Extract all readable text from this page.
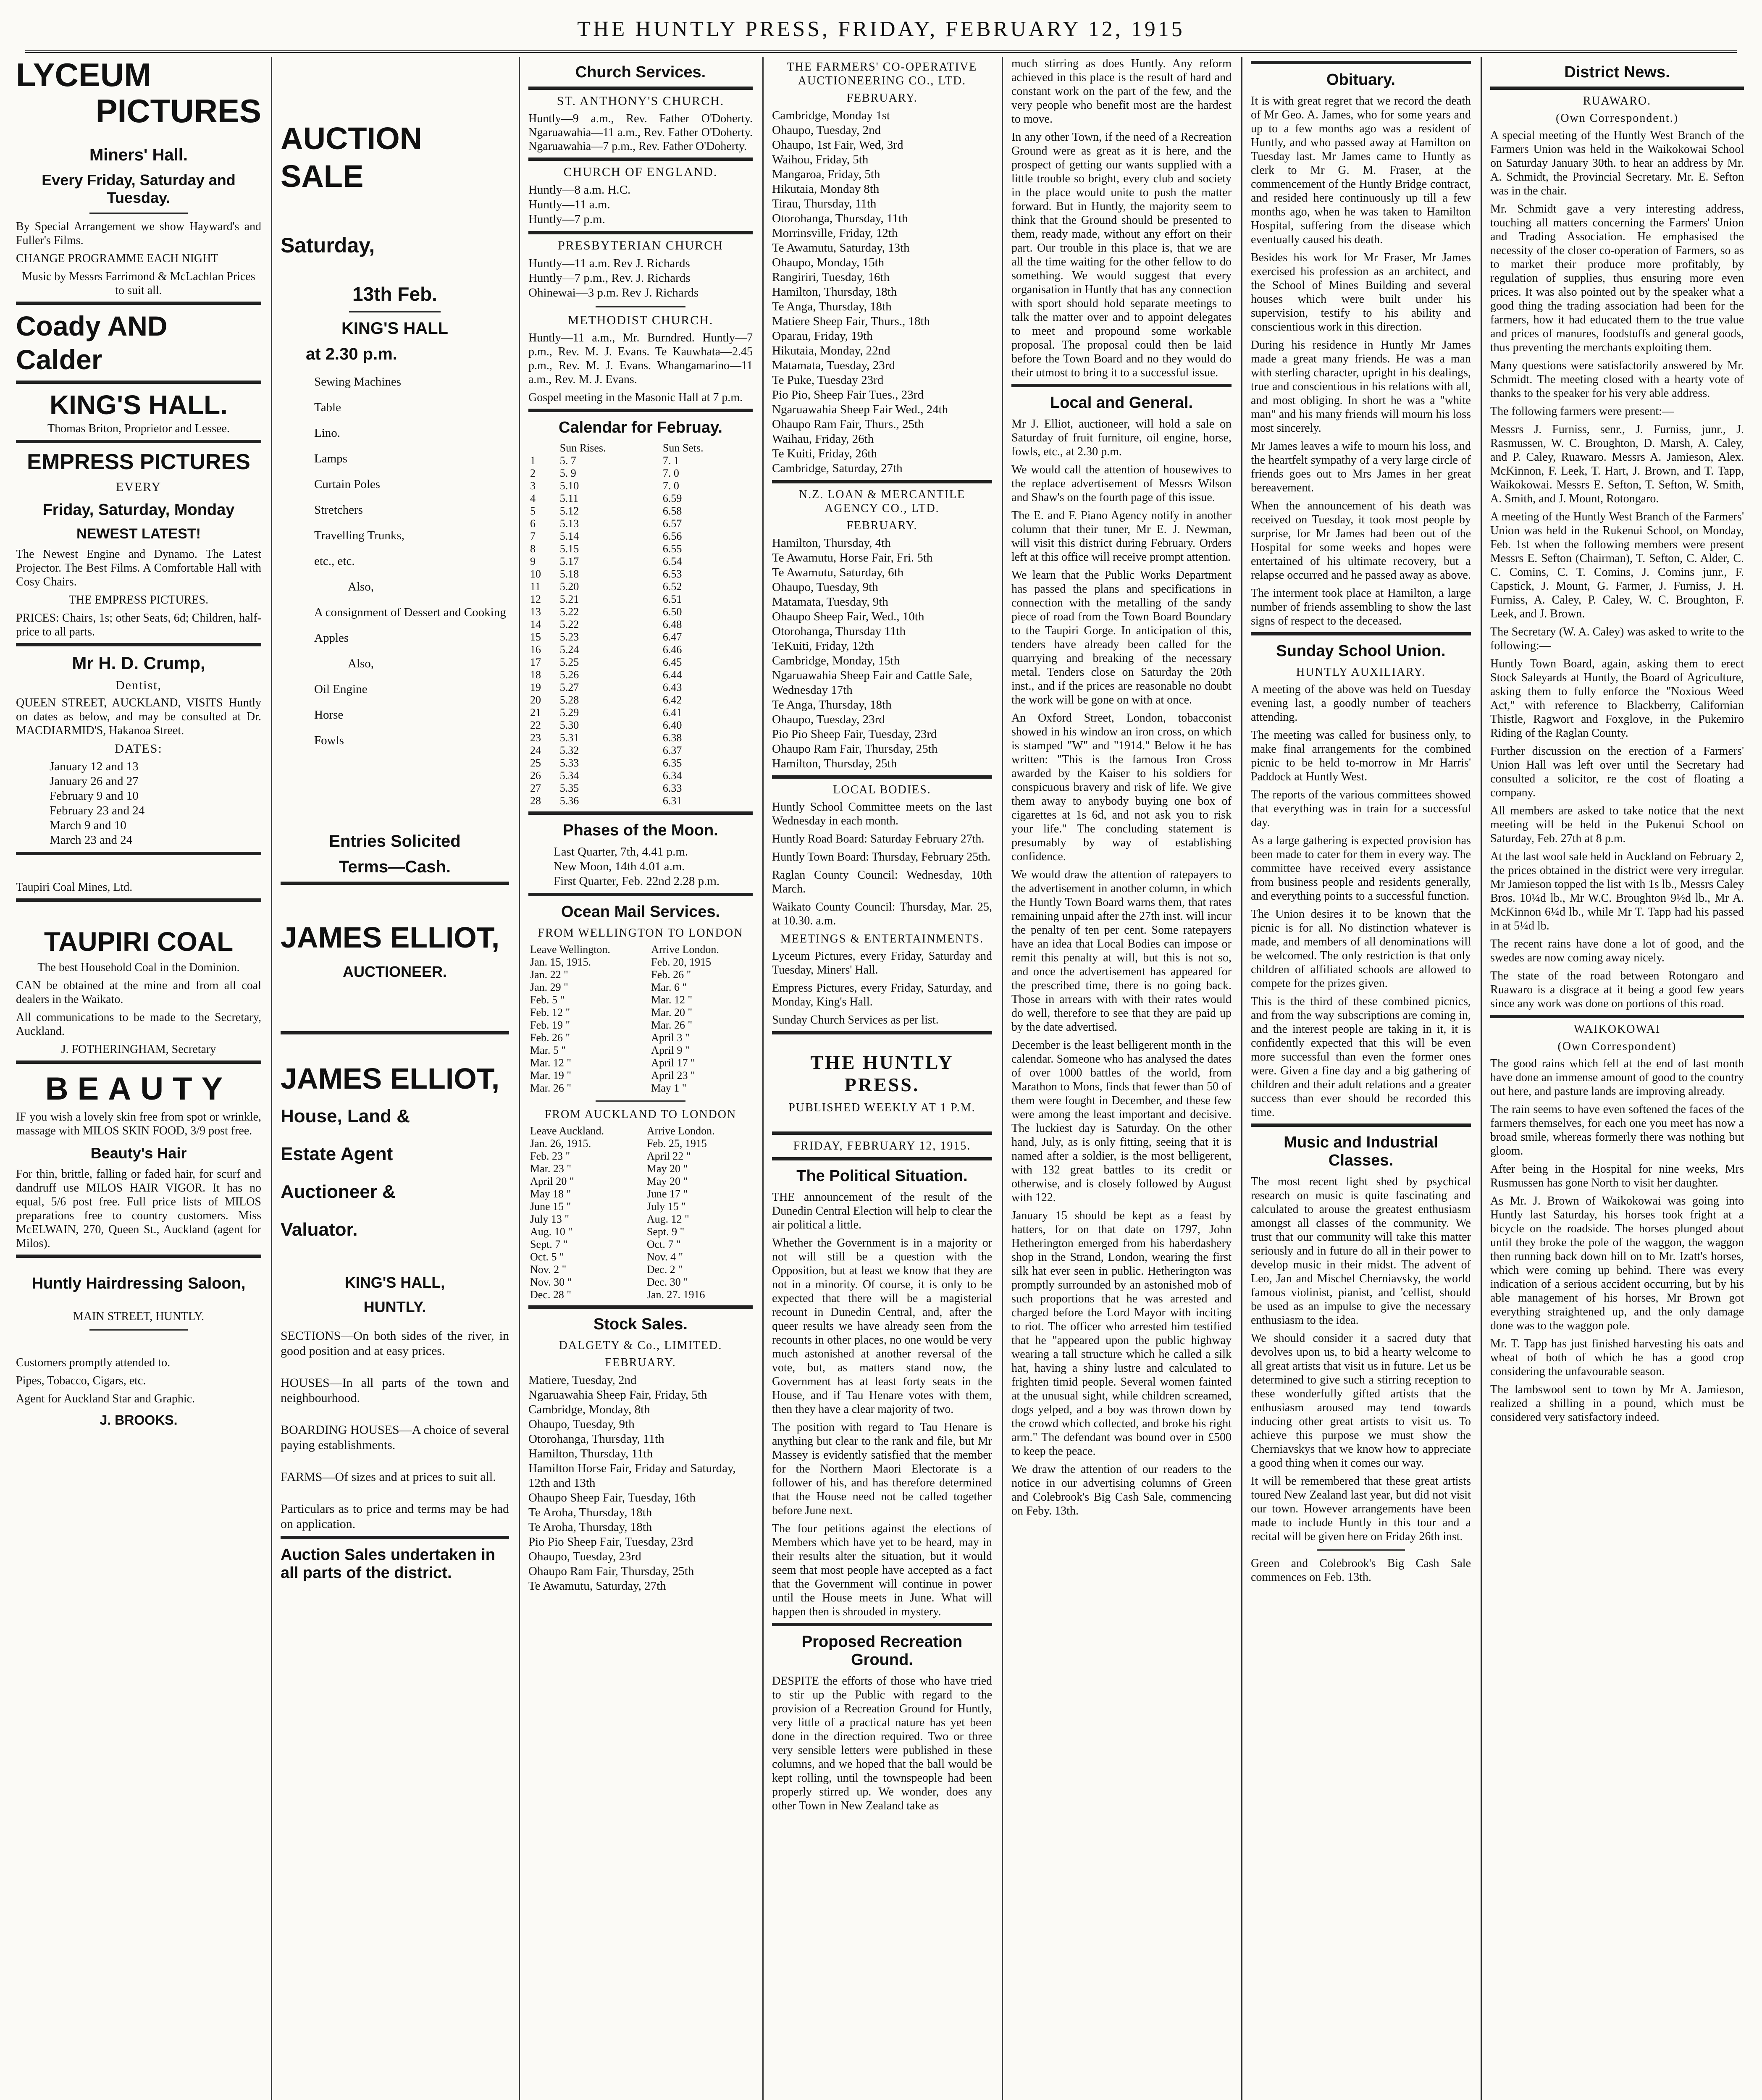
THE HUNTLY PRESS, FRIDAY, FEBRUARY 12, 1915
LYCEUM
PICTURES
Miners' Hall.
Every Friday, Saturday and Tuesday.

By Special Arrangement we show Hayward's and Fuller's Films.

CHANGE PROGRAMME EACH NIGHT

Music by Messrs Farrimond & McLachlan Prices to suit all.

Coady AND Calder
KING'S HALL.

Thomas Briton, Proprietor and Lessee.

EMPRESS PICTURES
EVERY
Friday, Saturday, Monday
NEWEST LATEST!

The Newest Engine and Dynamo. The Latest Projector. The Best Films. A Comfortable Hall with Cosy Chairs.

THE EMPRESS PICTURES.

PRICES: Chairs, 1s; other Seats, 6d; Children, half-price to all parts.

Mr H. D. Crump,
Dentist,

QUEEN STREET, AUCKLAND, VISITS Huntly on dates as below, and may be consulted at Dr. MACDIARMID'S, Hakanoa Street.

DATES:
January 12 and 13
January 26 and 27
February 9 and 10
February 23 and 24
March 9 and 10
March 23 and 24

Taupiri Coal Mines, Ltd.

TAUPIRI COAL

The best Household Coal in the Dominion.

CAN be obtained at the mine and from all coal dealers in the Waikato.

All communications to be made to the Secretary, Auckland.

J. FOTHERINGHAM, Secretary

BEAUTY

IF you wish a lovely skin free from spot or wrinkle, massage with MILOS SKIN FOOD, 3/9 post free.

Beauty's Hair

For thin, brittle, falling or faded hair, for scurf and dandruff use MILOS HAIR VIGOR. It has no equal, 5/6 post free. Full price lists of MILOS preparations free to country customers. Miss McELWAIN, 270, Queen St., Auckland (agent for Milos).

Huntly Hairdressing Saloon,

MAIN STREET, HUNTLY.

Customers promptly attended to.

Pipes, Tobacco, Cigars, etc.

Agent for Auckland Star and Graphic.

J. BROOKS.
AUCTION SALE
Saturday,
13th Feb.
KING'S HALL
at 2.30 p.m.
Sewing Machines
Table
Lino.
Lamps
Curtain Poles
Stretchers
Travelling Trunks,
etc., etc.
Also,
A consignment of Dessert and Cooking
Apples
Also,
Oil Engine
Horse
Fowls
Entries Solicited
Terms—Cash.
JAMES ELLIOT,
AUCTIONEER.
JAMES ELLIOT,
House, Land &
Estate Agent
Auctioneer &
Valuator.
KING'S HALL,
HUNTLY.

SECTIONS—On both sides of the river, in good position and at easy prices.

HOUSES—In all parts of the town and neighbourhood.

BOARDING HOUSES—A choice of several paying establishments.

FARMS—Of sizes and at prices to suit all.

Particulars as to price and terms may be had on application.

Auction Sales undertaken in all parts of the district.
Church Services.
ST. ANTHONY'S CHURCH.

Huntly—9 a.m., Rev. Father O'Doherty. Ngaruawahia—11 a.m., Rev. Father O'Doherty. Ngaruawahia—7 p.m., Rev. Father O'Doherty.

CHURCH OF ENGLAND.
Huntly—8 a.m. H.C.
Huntly—11 a.m.
Huntly—7 p.m.
PRESBYTERIAN CHURCH
Huntly—11 a.m. Rev J. Richards
Huntly—7 p.m., Rev. J. Richards
Ohinewai—3 p.m. Rev J. Richards
METHODIST CHURCH.

Huntly—11 a.m., Mr. Burndred. Huntly—7 p.m., Rev. M. J. Evans. Te Kauwhata—2.45 p.m., Rev. M. J. Evans. Whangamarino—11 a.m., Rev. M. J. Evans.

Gospel meeting in the Masonic Hall at 7 p.m.

Calendar for Februay.
	Sun Rises.	Sun Sets.
1	5. 7	7. 1
2	5. 9	7. 0
3	5.10	7. 0
4	5.11	6.59
5	5.12	6.58
6	5.13	6.57
7	5.14	6.56
8	5.15	6.55
9	5.17	6.54
10	5.18	6.53
11	5.20	6.52
12	5.21	6.51
13	5.22	6.50
14	5.22	6.48
15	5.23	6.47
16	5.24	6.46
17	5.25	6.45
18	5.26	6.44
19	5.27	6.43
20	5.28	6.42
21	5.29	6.41
22	5.30	6.40
23	5.31	6.38
24	5.32	6.37
25	5.33	6.35
26	5.34	6.34
27	5.35	6.33
28	5.36	6.31
Phases of the Moon.
Last Quarter, 7th, 4.41 p.m.
New Moon, 14th 4.01 a.m.
First Quarter, Feb. 22nd 2.28 p.m.
Ocean Mail Services.
FROM WELLINGTON TO LONDON
Leave Wellington.	Arrive London.
Jan. 15, 1915.	Feb. 20, 1915
Jan. 22 "	Feb. 26 "
Jan. 29 "	Mar. 6 "
Feb. 5 "	Mar. 12 "
Feb. 12 "	Mar. 20 "
Feb. 19 "	Mar. 26 "
Feb. 26 "	April 3 "
Mar. 5 "	April 9 "
Mar. 12 "	April 17 "
Mar. 19 "	April 23 "
Mar. 26 "	May 1 "
FROM AUCKLAND TO LONDON
Leave Auckland.	Arrive London.
Jan. 26, 1915.	Feb. 25, 1915
Feb. 23 "	April 22 "
Mar. 23 "	May 20 "
April 20 "	May 20 "
May 18 "	June 17 "
June 15 "	July 15 "
July 13 "	Aug. 12 "
Aug. 10 "	Sept. 9 "
Sept. 7 "	Oct. 7 "
Oct. 5 "	Nov. 4 "
Nov. 2 "	Dec. 2 "
Nov. 30 "	Dec. 30 "
Dec. 28 "	Jan. 27. 1916
Stock Sales.
DALGETY & Co., LIMITED.
FEBRUARY.
Matiere, Tuesday, 2nd
Ngaruawahia Sheep Fair, Friday, 5th
Cambridge, Monday, 8th
Ohaupo, Tuesday, 9th
Otorohanga, Thursday, 11th
Hamilton, Thursday, 11th
Hamilton Horse Fair, Friday and Saturday, 12th and 13th
Ohaupo Sheep Fair, Tuesday, 16th
Te Aroha, Thursday, 18th
Te Aroha, Thursday, 18th
Pio Pio Sheep Fair, Tuesday, 23rd
Ohaupo, Tuesday, 23rd
Ohaupo Ram Fair, Thursday, 25th
Te Awamutu, Saturday, 27th
THE FARMERS' CO-OPERATIVE AUCTIONEERING CO., LTD.
FEBRUARY.
Cambridge, Monday 1st
Ohaupo, Tuesday, 2nd
Ohaupo, 1st Fair, Wed, 3rd
Waihou, Friday, 5th
Mangaroa, Friday, 5th
Hikutaia, Monday 8th
Tirau, Thursday, 11th
Otorohanga, Thursday, 11th
Morrinsville, Friday, 12th
Te Awamutu, Saturday, 13th
Ohaupo, Monday, 15th
Rangiriri, Tuesday, 16th
Hamilton, Thursday, 18th
Te Anga, Thursday, 18th
Matiere Sheep Fair, Thurs., 18th
Oparau, Friday, 19th
Hikutaia, Monday, 22nd
Matamata, Tuesday, 23rd
Te Puke, Tuesday 23rd
Pio Pio, Sheep Fair Tues., 23rd
Ngaruawahia Sheep Fair Wed., 24th
Ohaupo Ram Fair, Thurs., 25th
Waihau, Friday, 26th
Te Kuiti, Friday, 26th
Cambridge, Saturday, 27th
N.Z. LOAN & MERCANTILE AGENCY CO., LTD.
FEBRUARY.
Hamilton, Thursday, 4th
Te Awamutu, Horse Fair, Fri. 5th
Te Awamutu, Saturday, 6th
Ohaupo, Tuesday, 9th
Matamata, Tuesday, 9th
Ohaupo Sheep Fair, Wed., 10th
Otorohanga, Thursday 11th
TeKuiti, Friday, 12th
Cambridge, Monday, 15th
Ngaruawahia Sheep Fair and Cattle Sale, Wednesday 17th
Te Anga, Thursday, 18th
Ohaupo, Tuesday, 23rd
Pio Pio Sheep Fair, Tuesday, 23rd
Ohaupo Ram Fair, Thursday, 25th
Hamilton, Thursday, 25th
LOCAL BODIES.

Huntly School Committee meets on the last Wednesday in each month.

Huntly Road Board: Saturday February 27th.

Huntly Town Board: Thursday, February 25th.

Raglan County Council: Wednesday, 10th March.

Waikato County Council: Thursday, Mar. 25, at 10.30. a.m.

MEETINGS & ENTERTAINMENTS.

Lyceum Pictures, every Friday, Saturday and Tuesday, Miners' Hall.

Empress Pictures, every Friday, Saturday, and Monday, King's Hall.

Sunday Church Services as per list.

THE HUNTLY PRESS.
PUBLISHED WEEKLY AT 1 P.M.
FRIDAY, FEBRUARY 12, 1915.
The Political Situation.

THE announcement of the result of the Dunedin Central Election will help to clear the air political a little.

Whether the Government is in a majority or not will still be a question with the Opposition, but at least we know that they are not in a minority. Of course, it is only to be expected that there will be a magisterial recount in Dunedin Central, and, after the queer results we have already seen from the recounts in other places, no one would be very much astonished at another reversal of the vote, but, as matters stand now, the Government has at least forty seats in the House, and if Tau Henare votes with them, then they have a clear majority of two.

The position with regard to Tau Henare is anything but clear to the rank and file, but Mr Massey is evidently satisfied that the member for the Northern Maori Electorate is a follower of his, and has therefore determined that the House need not be called together before June next.

The four petitions against the elections of Members which have yet to be heard, may in their results alter the situation, but it would seem that most people have accepted as a fact that the Government will continue in power until the House meets in June. What will happen then is shrouded in mystery.

Proposed Recreation Ground.

DESPITE the efforts of those who have tried to stir up the Public with regard to the provision of a Recreation Ground for Huntly, very little of a practical nature has yet been done in the direction required. Two or three very sensible letters were published in these columns, and we hoped that the ball would be kept rolling, until the townspeople had been properly stirred up. We wonder, does any other Town in New Zealand take as

much stirring as does Huntly. Any reform achieved in this place is the result of hard and constant work on the part of the few, and the very people who benefit most are the hardest to move.

In any other Town, if the need of a Recreation Ground were as great as it is here, and the prospect of getting our wants supplied with a little trouble so bright, every club and society in the place would unite to push the matter forward. But in Huntly, the majority seem to think that the Ground should be presented to them, ready made, without any effort on their part. Our trouble in this place is, that we are all the time waiting for the other fellow to do something. We would suggest that every organisation in Huntly that has any connection with sport should hold separate meetings to talk the matter over and to appoint delegates to meet and propound some workable proposal. The proposal could then be laid before the Town Board and no they would do their utmost to bring it to a successful issue.

Local and General.

Mr J. Elliot, auctioneer, will hold a sale on Saturday of fruit furniture, oil engine, horse, fowls, etc., at 2.30 p.m.

We would call the attention of housewives to the replace advertisement of Messrs Wilson and Shaw's on the fourth page of this issue.

The E. and F. Piano Agency notify in another column that their tuner, Mr E. J. Newman, will visit this district during February. Orders left at this office will receive prompt attention.

We learn that the Public Works Department has passed the plans and specifications in connection with the metalling of the sandy piece of road from the Town Board Boundary to the Taupiri Gorge. In anticipation of this, tenders have already been called for the quarrying and breaking of the necessary metal. Tenders close on Saturday the 20th inst., and if the prices are reasonable no doubt the work will be gone on with at once.

An Oxford Street, London, tobacconist showed in his window an iron cross, on which is stamped "W" and "1914." Below it he has written: "This is the famous Iron Cross awarded by the Kaiser to his soldiers for conspicuous bravery and risk of life. We give them away to anybody buying one box of cigarettes at 1s 6d, and not ask you to risk your life." The concluding statement is presumably by way of establishing confidence.

We would draw the attention of ratepayers to the advertisement in another column, in which the Huntly Town Board warns them, that rates remaining unpaid after the 27th inst. will incur the penalty of ten per cent. Some ratepayers have an idea that Local Bodies can impose or remit this penalty at will, but this is not so, and once the advertisement has appeared for the prescribed time, there is no going back. Those in arrears with with their rates would do well, therefore to see that they are paid up by the date advertised.

December is the least belligerent month in the calendar. Someone who has analysed the dates of over 1000 battles of the world, from Marathon to Mons, finds that fewer than 50 of them were fought in December, and these few were among the least important and decisive. The luckiest day is Saturday. On the other hand, July, as is only fitting, seeing that it is named after a soldier, is the most belligerent, with 132 great battles to its credit or otherwise, and is closely followed by August with 122.

January 15 should be kept as a feast by hatters, for on that date on 1797, John Hetherington emerged from his haberdashery shop in the Strand, London, wearing the first silk hat ever seen in public. Hetherington was promptly surrounded by an astonished mob of such proportions that he was arrested and charged before the Lord Mayor with inciting to riot. The officer who arrested him testified that he "appeared upon the public highway wearing a tall structure which he called a silk hat, having a shiny lustre and calculated to frighten timid people. Several women fainted at the unusual sight, while children screamed, dogs yelped, and a boy was thrown down by the crowd which collected, and broke his right arm." The defendant was bound over in £500 to keep the peace.

We draw the attention of our readers to the notice in our advertising columns of Green and Colebrook's Big Cash Sale, commencing on Feby. 13th.

Obituary.

It is with great regret that we record the death of Mr Geo. A. James, who for some years and up to a few months ago was a resident of Huntly, and who passed away at Hamilton on Tuesday last. Mr James came to Huntly as clerk to Mr G. M. Fraser, at the commencement of the Huntly Bridge contract, and resided here continuously up till a few months ago, when he was taken to Hamilton Hospital, suffering from the disease which eventually caused his death.

Besides his work for Mr Fraser, Mr James exercised his profession as an architect, and the School of Mines Building and several houses which were built under his supervision, testify to his ability and conscientious work in this direction.

During his residence in Huntly Mr James made a great many friends. He was a man with sterling character, upright in his dealings, true and conscientious in his relations with all, and most obliging. In short he was a "white man" and his many friends will mourn his loss most sincerely.

Mr James leaves a wife to mourn his loss, and the heartfelt sympathy of a very large circle of friends goes out to Mrs James in her great bereavement.

When the announcement of his death was received on Tuesday, it took most people by surprise, for Mr James had been out of the Hospital for some weeks and hopes were entertained of his ultimate recovery, but a relapse occurred and he passed away as above.

The interment took place at Hamilton, a large number of friends assembling to show the last signs of respect to the deceased.

Sunday School Union.
HUNTLY AUXILIARY.

A meeting of the above was held on Tuesday evening last, a goodly number of teachers attending.

The meeting was called for business only, to make final arrangements for the combined picnic to be held to-morrow in Mr Harris' Paddock at Huntly West.

The reports of the various committees showed that everything was in train for a successful day.

As a large gathering is expected provision has been made to cater for them in every way. The committee have received every assistance from business people and residents generally, and everything points to a successful function.

The Union desires it to be known that the picnic is for all. No distinction whatever is made, and members of all denominations will be welcomed. The only restriction is that only children of affiliated schools are allowed to compete for the prizes given.

This is the third of these combined picnics, and from the way subscriptions are coming in, and the interest people are taking in it, it is confidently expected that this will be even more successful than even the former ones were. Given a fine day and a big gathering of children and their adult relations and a greater success than ever should be recorded this time.

Music and Industrial Classes.

The most recent light shed by psychical research on music is quite fascinating and calculated to arouse the greatest enthusiasm amongst all classes of the community. We trust that our community will take this matter seriously and in future do all in their power to develop music in their midst. The advent of Leo, Jan and Mischel Cherniavsky, the world famous violinist, pianist, and 'cellist, should be used as an impulse to give the necessary enthusiasm to the idea.

We should consider it a sacred duty that devolves upon us, to bid a hearty welcome to all great artists that visit us in future. Let us be determined to give such a stirring reception to these wonderfully gifted artists that the enthusiasm aroused may tend towards inducing other great artists to visit us. To achieve this purpose we must show the Cherniavskys that we know how to appreciate a good thing when it comes our way.

It will be remembered that these great artists toured New Zealand last year, but did not visit our town. However arrangements have been made to include Huntly in this tour and a recital will be given here on Friday 26th inst.

Green and Colebrook's Big Cash Sale commences on Feb. 13th.

District News.
RUAWARO.
(Own Correspondent.)

A special meeting of the Huntly West Branch of the Farmers Union was held in the Waikokowai School on Saturday January 30th. to hear an address by Mr. A. Schmidt, the Provincial Secretary. Mr. E. Sefton was in the chair.

Mr. Schmidt gave a very interesting address, touching all matters concerning the Farmers' Union and Trading Association. He emphasised the necessity of the closer co-operation of Farmers, so as to market their produce more profitably, by regulation of supplies, thus ensuring more even prices. It was also pointed out by the speaker what a good thing the trading association had been for the farmers, how it had educated them to the true value and prices of manures, foodstuffs and general goods, thus preventing the merchants exploiting them.

Many questions were satisfactorily answered by Mr. Schmidt. The meeting closed with a hearty vote of thanks to the speaker for his very able address.

The following farmers were present:—

Messrs J. Furniss, senr., J. Furniss, junr., J. Rasmussen, W. C. Broughton, D. Marsh, A. Caley, and P. Caley, Ruawaro. Messrs A. Jamieson, Alex. McKinnon, F. Leek, T. Hart, J. Brown, and T. Tapp, Waikokowai. Messrs E. Sefton, T. Sefton, W. Smith, A. Smith, and J. Mount, Rotongaro.

A meeting of the Huntly West Branch of the Farmers' Union was held in the Rukenui School, on Monday, Feb. 1st when the following members were present Messrs E. Sefton (Chairman), T. Sefton, C. Alder, C. C. Comins, C. T. Comins, J. Comins junr., F. Capstick, J. Mount, G. Farmer, J. Furniss, J. H. Furniss, A. Caley, P. Caley, W. C. Broughton, F. Leek, and J. Brown.

The Secretary (W. A. Caley) was asked to write to the following:—

Huntly Town Board, again, asking them to erect Stock Saleyards at Huntly, the Board of Agriculture, asking them to fully enforce the "Noxious Weed Act," with reference to Blackberry, Californian Thistle, Ragwort and Foxglove, in the Pukemiro Riding of the Raglan County.

Further discussion on the erection of a Farmers' Union Hall was left over until the Secretary had consulted a solicitor, re the cost of floating a company.

All members are asked to take notice that the next meeting will be held in the Pukenui School on Saturday, Feb. 27th at 8 p.m.

At the last wool sale held in Auckland on February 2, the prices obtained in the district were very irregular. Mr Jamieson topped the list with 1s lb., Messrs Caley Bros. 10¼d lb., Mr W.C. Broughton 9½d lb., Mr A. McKinnon 6¼d lb., while Mr T. Tapp had his passed in at 5¼d lb.

The recent rains have done a lot of good, and the swedes are now coming away nicely.

The state of the road between Rotongaro and Ruawaro is a disgrace at it being a good few years since any work was done on portions of this road.

WAIKOKOWAI
(Own Correspondent)

The good rains which fell at the end of last month have done an immense amount of good to the country out here, and pasture lands are improving already.

The rain seems to have even softened the faces of the farmers themselves, for each one you meet has now a broad smile, whereas formerly there was nothing but gloom.

After being in the Hospital for nine weeks, Mrs Rusmussen has gone North to visit her daughter.

As Mr. J. Brown of Waikokowai was going into Huntly last Saturday, his horses took fright at a bicycle on the roadside. The horses plunged about until they broke the pole of the waggon, the waggon then running back down hill on to Mr. Izatt's horses, which were coming up behind. There was every indication of a serious accident occurring, but by his able management of his horses, Mr Brown got everything straightened up, and the only damage done was to the waggon pole.

Mr. T. Tapp has just finished harvesting his oats and wheat of both of which he has a good crop considering the unfavourable season.

The lambswool sent to town by Mr A. Jamieson, realized a shilling in a pound, which must be considered very satisfactory indeed.
